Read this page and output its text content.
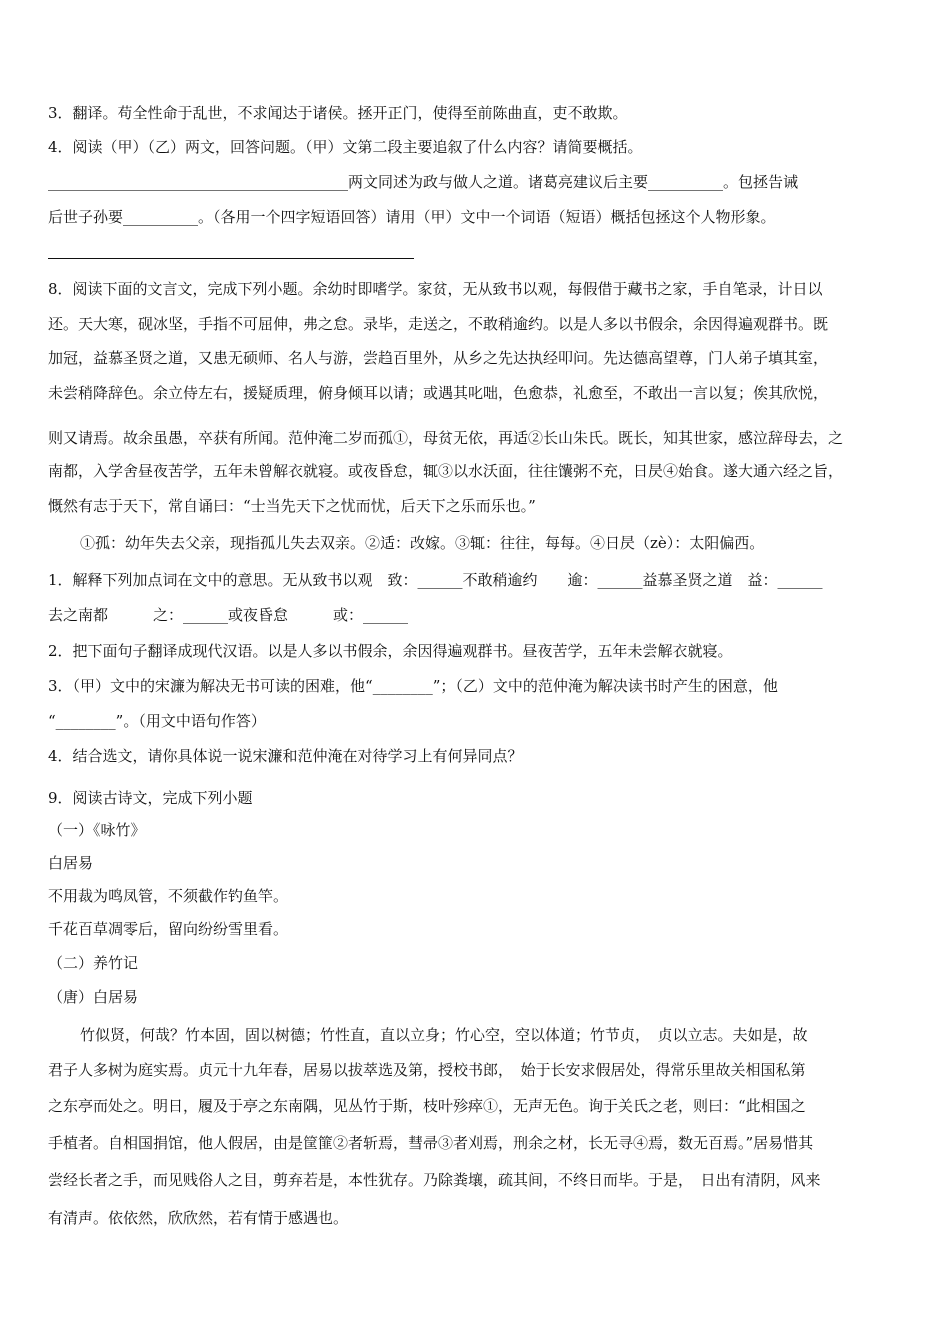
3．翻译。苟全性命于乱世，不求闻达于诸侯。拯开正门，使得至前陈曲直，吏不敢欺。
4．阅读（甲）（乙）两文，回答问题。（甲）文第二段主要追叙了什么内容？请简要概括。
________________________________________两文同述为政与做人之道。诸葛亮建议后主要__________。包拯告诫
后世子孙要__________。（各用一个四字短语回答）请用（甲）文中一个词语（短语）概括包拯这个人物形象。
8．阅读下面的文言文，完成下列小题。余幼时即嗜学。家贫，无从致书以观，每假借于藏书之家，手自笔录，计日以
还。天大寒，砚冰坚，手指不可屈伸，弗之怠。录毕，走送之，不敢稍逾约。以是人多以书假余，余因得遍观群书。既
加冠，益慕圣贤之道，又患无硕师、名人与游，尝趋百里外，从乡之先达执经叩问。先达德高望尊，门人弟子填其室，
未尝稍降辞色。余立侍左右，援疑质理，俯身倾耳以请；或遇其叱咄，色愈恭，礼愈至，不敢出一言以复；俟其欣悦，
则又请焉。故余虽愚，卒获有所闻。范仲淹二岁而孤①，母贫无依，再适②长山朱氏。既长，知其世家，感泣辞母去，之
南都，入学舍昼夜苦学，五年未曾解衣就寝。或夜昏怠，辄③以水沃面，往往馕粥不充，日昃④始食。遂大通六经之旨，
慨然有志于天下，常自诵曰：“士当先天下之忧而忧，后天下之乐而乐也。”
①孤：幼年失去父亲，现指孤儿失去双亲。②适：改嫁。③辄：往往，每每。④日昃（zè）：太阳偏西。
1．解释下列加点词在文中的意思。无从致书以观　致：______不敢稍逾约　　逾：______益慕圣贤之道　益：______
去之南都　　　之：______或夜昏怠　　　或：______
2．把下面句子翻译成现代汉语。以是人多以书假余，余因得遍观群书。昼夜苦学，五年未尝解衣就寝。
3．（甲）文中的宋濂为解决无书可读的困难，他“________”；（乙）文中的范仲淹为解决读书时产生的困意，他
“________”。（用文中语句作答）
4．结合选文，请你具体说一说宋濂和范仲淹在对待学习上有何异同点？
9．阅读古诗文，完成下列小题
（一）《咏竹》
白居易
不用裁为鸣凤管，不须截作钓鱼竿。
千花百草凋零后，留向纷纷雪里看。
（二）养竹记
（唐）白居易
竹似贤，何哉？竹本固，固以树德；竹性直，直以立身；竹心空，空以体道；竹节贞，　贞以立志。夫如是，故
君子人多树为庭实焉。贞元十九年春，居易以拔萃选及第，授校书郎，　始于长安求假居处，得常乐里故关相国私第
之东亭而处之。明日，履及于亭之东南隅，见丛竹于斯，枝叶殄瘁①，无声无色。询于关氏之老，则曰：“此相国之
手植者。自相国捐馆，他人假居，由是筐篚②者斩焉，彗帚③者刈焉，刑余之材，长无寻④焉，数无百焉。”居易惜其
尝经长者之手，而见贱俗人之目，剪弃若是，本性犹存。乃除粪壤，疏其间，不终日而毕。于是，　日出有清阴，风来
有清声。依依然，欣欣然，若有情于感遇也。
